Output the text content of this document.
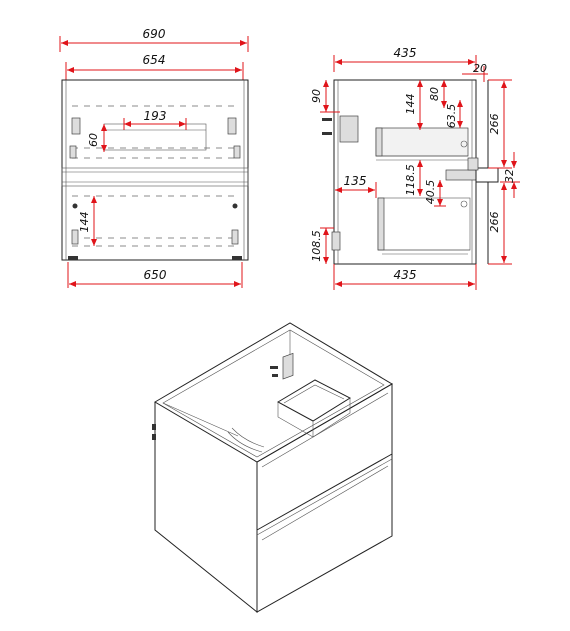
690
654
193
60
144
650
435
20
90	144 80
63.5	266
32
266
135	118.5 40.5
108.5
435
